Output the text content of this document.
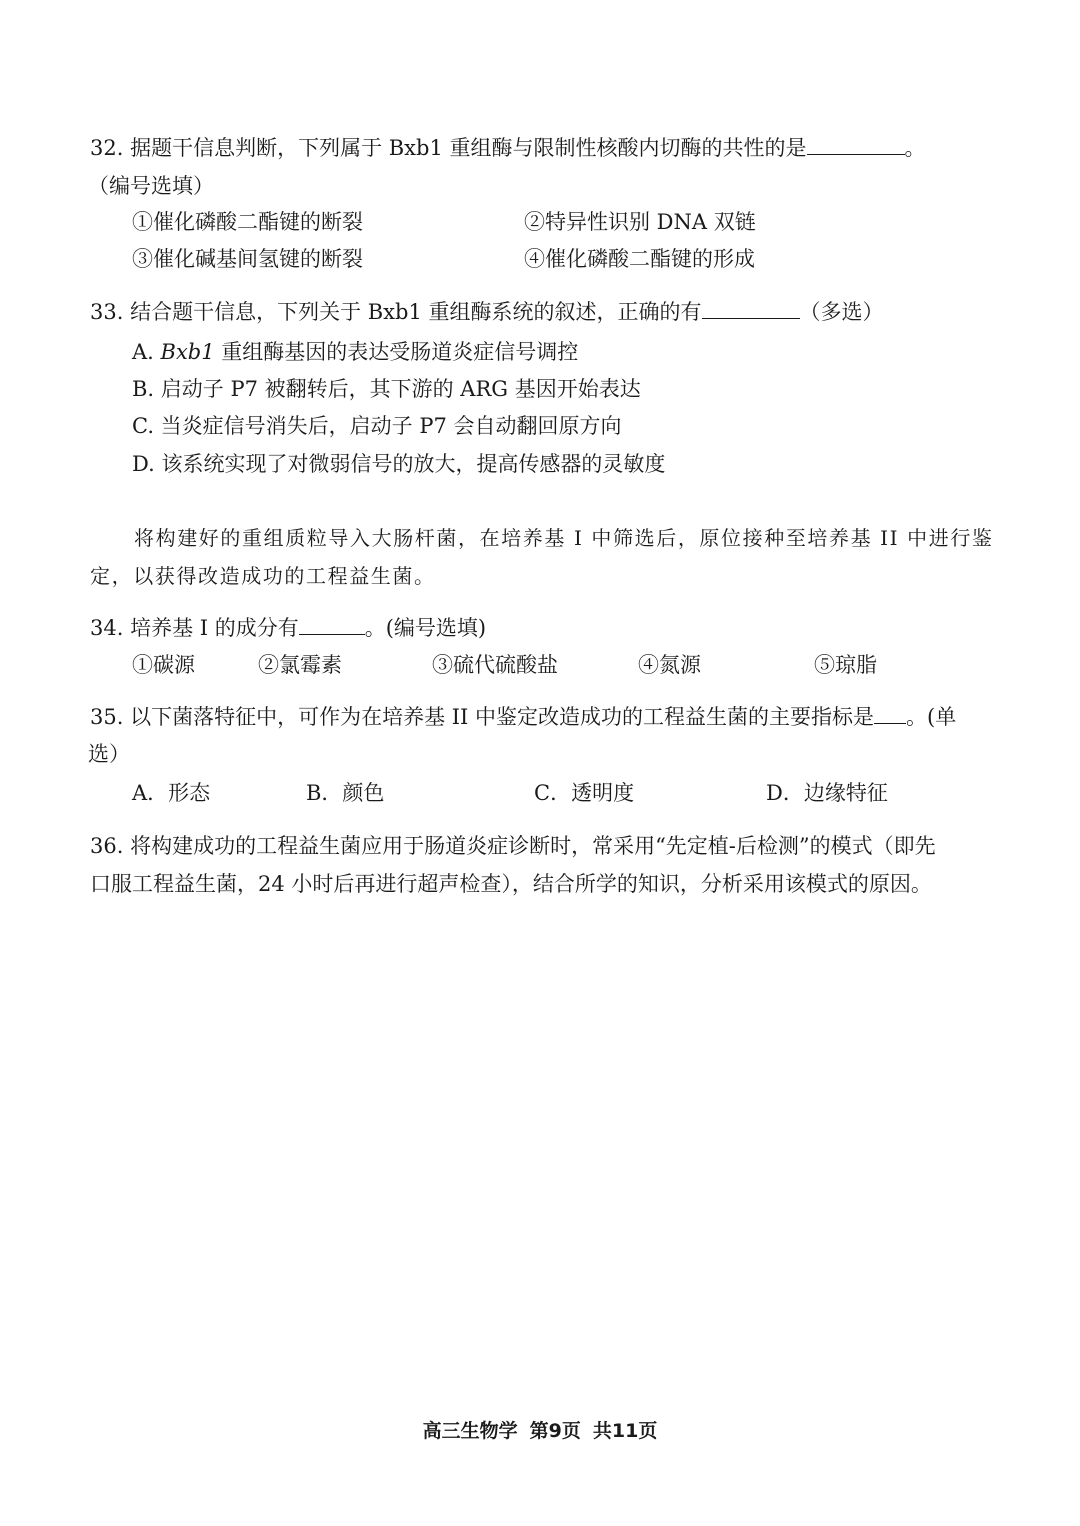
32. 据题干信息判断，下列属于 Bxb1 重组酶与限制性核酸内切酶的共性的是	。
（编号选填）
①催化磷酸二酯键的断裂	②特异性识别 DNA 双链
③催化碱基间氢键的断裂	④催化磷酸二酯键的形成
33. 结合题干信息，下列关于 Bxb1 重组酶系统的叙述，正确的有	（多选）
A. Bxb1 重组酶基因的表达受肠道炎症信号调控
B. 启动子 P7 被翻转后，其下游的 ARG 基因开始表达
C. 当炎症信号消失后，启动子 P7 会自动翻回原方向
D. 该系统实现了对微弱信号的放大，提高传感器的灵敏度
将构建好的重组质粒导入大肠杆菌，在培养基 I 中筛选后，原位接种至培养基 II 中进行鉴
定，以获得改造成功的工程益生菌。
34. 培养基 I 的成分有	。(编号选填)
①碳源	②氯霉素	③硫代硫酸盐	④氮源	⑤琼脂
35. 以下菌落特征中，可作为在培养基 II 中鉴定改造成功的工程益生菌的主要指标是 。(单
选）
A．形态	B．颜色	C．透明度	D．边缘特征
36. 将构建成功的工程益生菌应用于肠道炎症诊断时，常采用“先定植-后检测”的模式（即先
口服工程益生菌，24 小时后再进行超声检查），结合所学的知识，分析采用该模式的原因。
高三生物学 第9页 共11页
